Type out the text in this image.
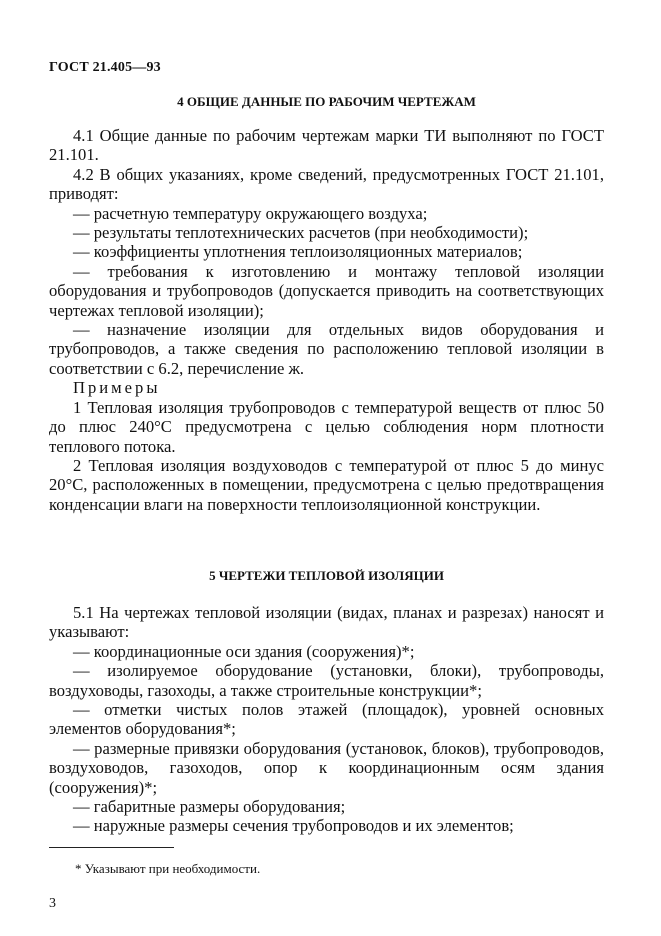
ГОСТ 21.405—93
4 ОБЩИЕ ДАННЫЕ ПО РАБОЧИМ ЧЕРТЕЖАМ

4.1 Общие данные по рабочим чертежам марки ТИ выполняют по ГОСТ 21.101.

4.2 В общих указаниях, кроме сведений, предусмотренных ГОСТ 21.101, приводят:

— расчетную температуру окружающего воздуха;

— результаты теплотехнических расчетов (при необходимости);

— коэффициенты уплотнения теплоизоляционных материалов;

— требования к изготовлению и монтажу тепловой изоляции оборудования и трубопроводов (допускается приводить на соответствующих чертежах тепловой изоляции);

— назначение изоляции для отдельных видов оборудования и трубопроводов, а также сведения по расположению тепловой изоляции в соответствии с 6.2, перечисление ж.

Примеры

1 Тепловая изоляция трубопроводов с температурой веществ от плюс 50 до плюс 240°С предусмотрена с целью соблюдения норм плотности теплового потока.

2 Тепловая изоляция воздуховодов с температурой от плюс 5 до минус 20°С, расположенных в помещении, предусмотрена с целью предотвращения конденсации влаги на поверхности теплоизоляционной конструкции.

5 ЧЕРТЕЖИ ТЕПЛОВОЙ ИЗОЛЯЦИИ

5.1 На чертежах тепловой изоляции (видах, планах и разрезах) наносят и указывают:

— координационные оси здания (сооружения)*;

— изолируемое оборудование (установки, блоки), трубопроводы, воздуховоды, газоходы, а также строительные конструкции*;

— отметки чистых полов этажей (площадок), уровней основных элементов оборудования*;

— размерные привязки оборудования (установок, блоков), трубопроводов, воздуховодов, газоходов, опор к координационным осям здания (сооружения)*;

— габаритные размеры оборудования;

— наружные размеры сечения трубопроводов и их элементов;

* Указывают при необходимости.
3
